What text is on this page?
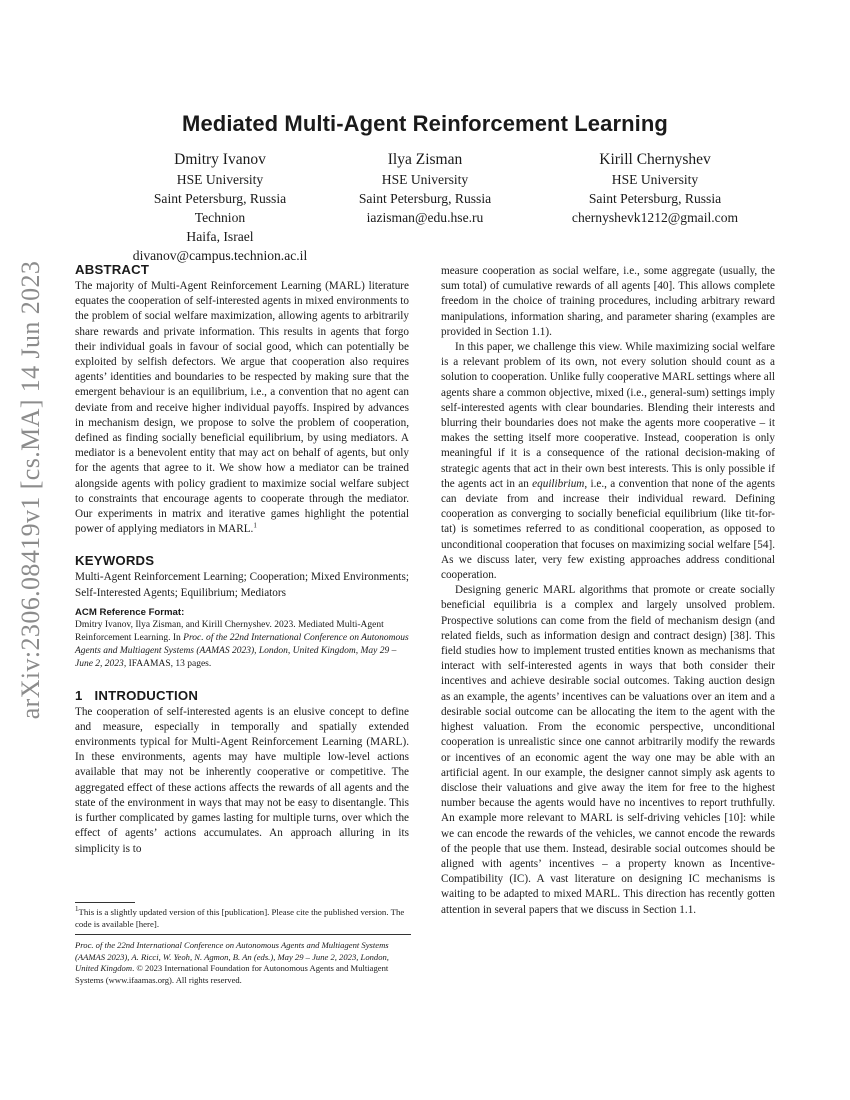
arXiv:2306.08419v1 [cs.MA] 14 Jun 2023
Mediated Multi-Agent Reinforcement Learning
Dmitry Ivanov
HSE University
Saint Petersburg, Russia
Technion
Haifa, Israel
divanov@campus.technion.ac.il
Ilya Zisman
HSE University
Saint Petersburg, Russia
iazisman@edu.hse.ru
Kirill Chernyshev
HSE University
Saint Petersburg, Russia
chernyshevk1212@gmail.com
ABSTRACT

The majority of Multi-Agent Reinforcement Learning (MARL) literature equates the cooperation of self-interested agents in mixed environments to the problem of social welfare maximization, allowing agents to arbitrarily share rewards and private information. This results in agents that forgo their individual goals in favour of social good, which can potentially be exploited by selfish defectors. We argue that cooperation also requires agents’ identities and boundaries to be respected by making sure that the emergent behaviour is an equilibrium, i.e., a convention that no agent can deviate from and receive higher individual payoffs. Inspired by advances in mechanism design, we propose to solve the problem of cooperation, defined as finding socially beneficial equilibrium, by using mediators. A mediator is a benevolent entity that may act on behalf of agents, but only for the agents that agree to it. We show how a mediator can be trained alongside agents with policy gradient to maximize social welfare subject to constraints that encourage agents to cooperate through the mediator. Our experiments in matrix and iterative games highlight the potential power of applying mediators in MARL.$^1$

KEYWORDS

Multi-Agent Reinforcement Learning; Cooperation; Mixed Environments; Self-Interested Agents; Equilibrium; Mediators

ACM Reference Format:

Dmitry Ivanov, Ilya Zisman, and Kirill Chernyshev. 2023. Mediated Multi-Agent Reinforcement Learning. In Proc. of the 22nd International Conference on Autonomous Agents and Multiagent Systems (AAMAS 2023), London, United Kingdom, May 29 – June 2, 2023, IFAAMAS, 13 pages.

1 INTRODUCTION

The cooperation of self-interested agents is an elusive concept to define and measure, especially in temporally and spatially extended environments typical for Multi-Agent Reinforcement Learning (MARL). In these environments, agents may have multiple low-level actions available that may not be inherently cooperative or competitive. The aggregated effect of these actions affects the rewards of all agents and the state of the environment in ways that may not be easy to disentangle. This is further complicated by games lasting for multiple turns, over which the effect of agents’ actions accumulates. An approach alluring in its simplicity is to

measure cooperation as social welfare, i.e., some aggregate (usually, the sum total) of cumulative rewards of all agents [40]. This allows complete freedom in the choice of training procedures, including arbitrary reward manipulations, information sharing, and parameter sharing (examples are provided in Section 1.1).

In this paper, we challenge this view. While maximizing social welfare is a relevant problem of its own, not every solution should count as a solution to cooperation. Unlike fully cooperative MARL settings where all agents share a common objective, mixed (i.e., general-sum) settings imply self-interested agents with clear boundaries. Blending their interests and blurring their boundaries does not make the agents more cooperative – it makes the setting itself more cooperative. Instead, cooperation is only meaningful if it is a consequence of the rational decision-making of strategic agents that act in their own best interests. This is only possible if the agents act in an equilibrium, i.e., a convention that none of the agents can deviate from and increase their individual reward. Defining cooperation as converging to socially beneficial equilibrium (like tit-for-tat) is sometimes referred to as conditional cooperation, as opposed to unconditional cooperation that focuses on maximizing social welfare [54]. As we discuss later, very few existing approaches address conditional cooperation.

Designing generic MARL algorithms that promote or create socially beneficial equilibria is a complex and largely unsolved problem. Prospective solutions can come from the field of mechanism design (and related fields, such as information design and contract design) [38]. This field studies how to implement trusted entities known as mechanisms that interact with self-interested agents in ways that both consider their incentives and achieve desirable social outcomes. Taking auction design as an example, the agents’ incentives can be valuations over an item and a desirable social outcome can be allocating the item to the agent with the highest valuation. From the economic perspective, unconditional cooperation is unrealistic since one cannot arbitrarily modify the rewards or incentives of an economic agent the way one may be able with an artificial agent. In our example, the designer cannot simply ask agents to disclose their valuations and give away the item for free to the highest number because the agents would have no incentives to report truthfully. An example more relevant to MARL is self-driving vehicles [10]: while we can encode the rewards of the vehicles, we cannot encode the rewards of the people that use them. Instead, desirable social outcomes should be aligned with agents’ incentives – a property known as Incentive-Compatibility (IC). A vast literature on designing IC mechanisms is waiting to be adapted to mixed MARL. This direction has recently gotten attention in several papers that we discuss in Section 1.1.

$^1$This is a slightly updated version of this [publication]. Please cite the published version. The code is available [here].

Proc. of the 22nd International Conference on Autonomous Agents and Multiagent Systems (AAMAS 2023), A. Ricci, W. Yeoh, N. Agmon, B. An (eds.), May 29 – June 2, 2023, London, United Kingdom. © 2023 International Foundation for Autonomous Agents and Multiagent Systems (www.ifaamas.org). All rights reserved.
